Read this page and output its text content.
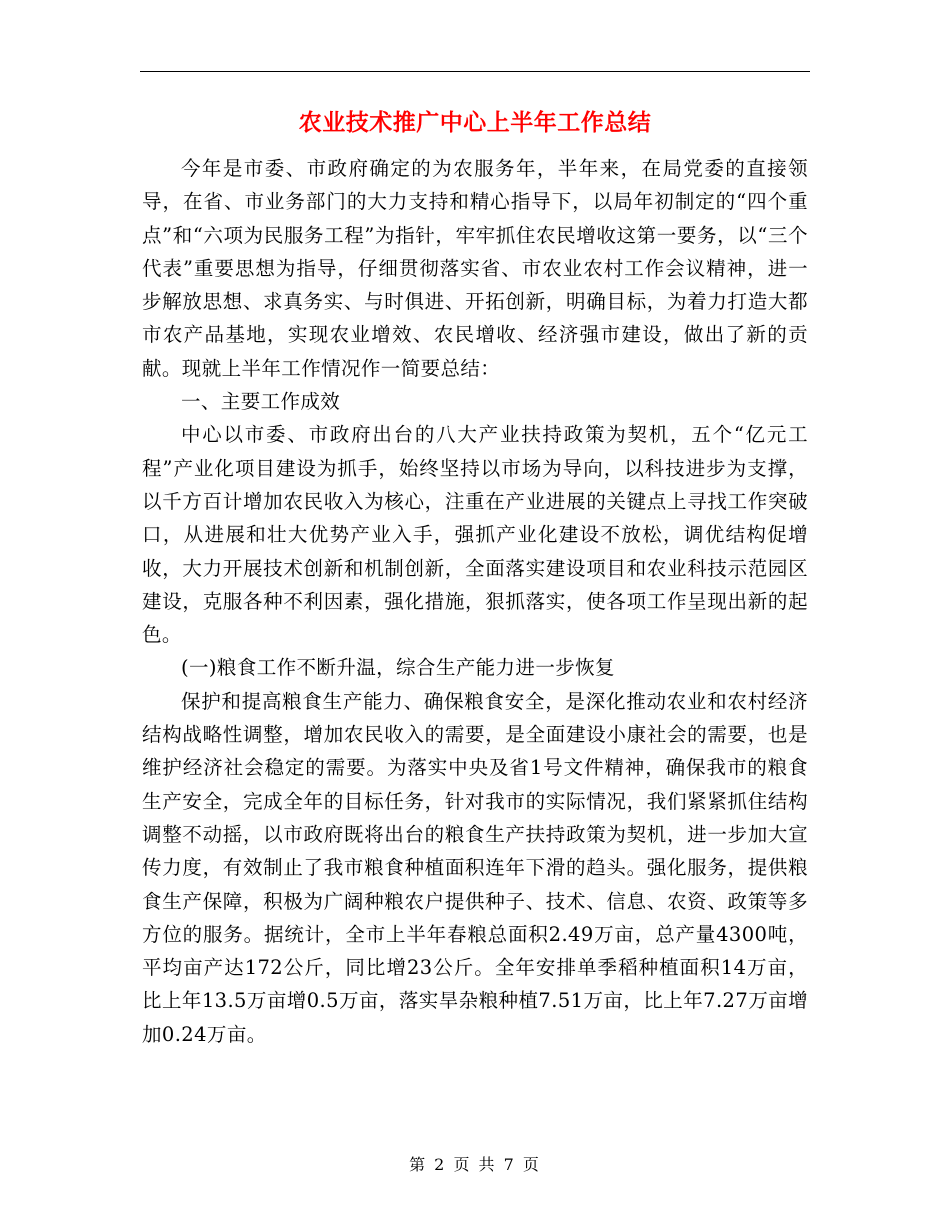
农业技术推广中心上半年工作总结

今年是市委、市政府确定的为农服务年，半年来，在局党委的直接领导，在省、市业务部门的大力支持和精心指导下，以局年初制定的“四个重点”和“六项为民服务工程”为指针，牢牢抓住农民增收这第一要务，以“三个代表”重要思想为指导，仔细贯彻落实省、市农业农村工作会议精神，进一步解放思想、求真务实、与时俱进、开拓创新，明确目标，为着力打造大都市农产品基地，实现农业增效、农民增收、经济强市建设，做出了新的贡献。现就上半年工作情况作一简要总结：

一、主要工作成效

中心以市委、市政府出台的八大产业扶持政策为契机，五个“亿元工程”产业化项目建设为抓手，始终坚持以市场为导向，以科技进步为支撑，以千方百计增加农民收入为核心，注重在产业进展的关键点上寻找工作突破口，从进展和壮大优势产业入手，强抓产业化建设不放松，调优结构促增收，大力开展技术创新和机制创新，全面落实建设项目和农业科技示范园区建设，克服各种不利因素，强化措施，狠抓落实，使各项工作呈现出新的起色。

(一)粮食工作不断升温，综合生产能力进一步恢复

保护和提高粮食生产能力、确保粮食安全，是深化推动农业和农村经济结构战略性调整，增加农民收入的需要，是全面建设小康社会的需要，也是维护经济社会稳定的需要。为落实中央及省1号文件精神，确保我市的粮食生产安全，完成全年的目标任务，针对我市的实际情况，我们紧紧抓住结构调整不动摇，以市政府既将出台的粮食生产扶持政策为契机，进一步加大宣传力度，有效制止了我市粮食种植面积连年下滑的趋头。强化服务，提供粮食生产保障，积极为广阔种粮农户提供种子、技术、信息、农资、政策等多方位的服务。据统计，全市上半年春粮总面积2.49万亩，总产量4300吨，平均亩产达172公斤，同比增23公斤。全年安排单季稻种植面积14万亩，比上年13.5万亩增0.5万亩，落实旱杂粮种植7.51万亩，比上年7.27万亩增加0.24万亩。

第 2 页 共 7 页
